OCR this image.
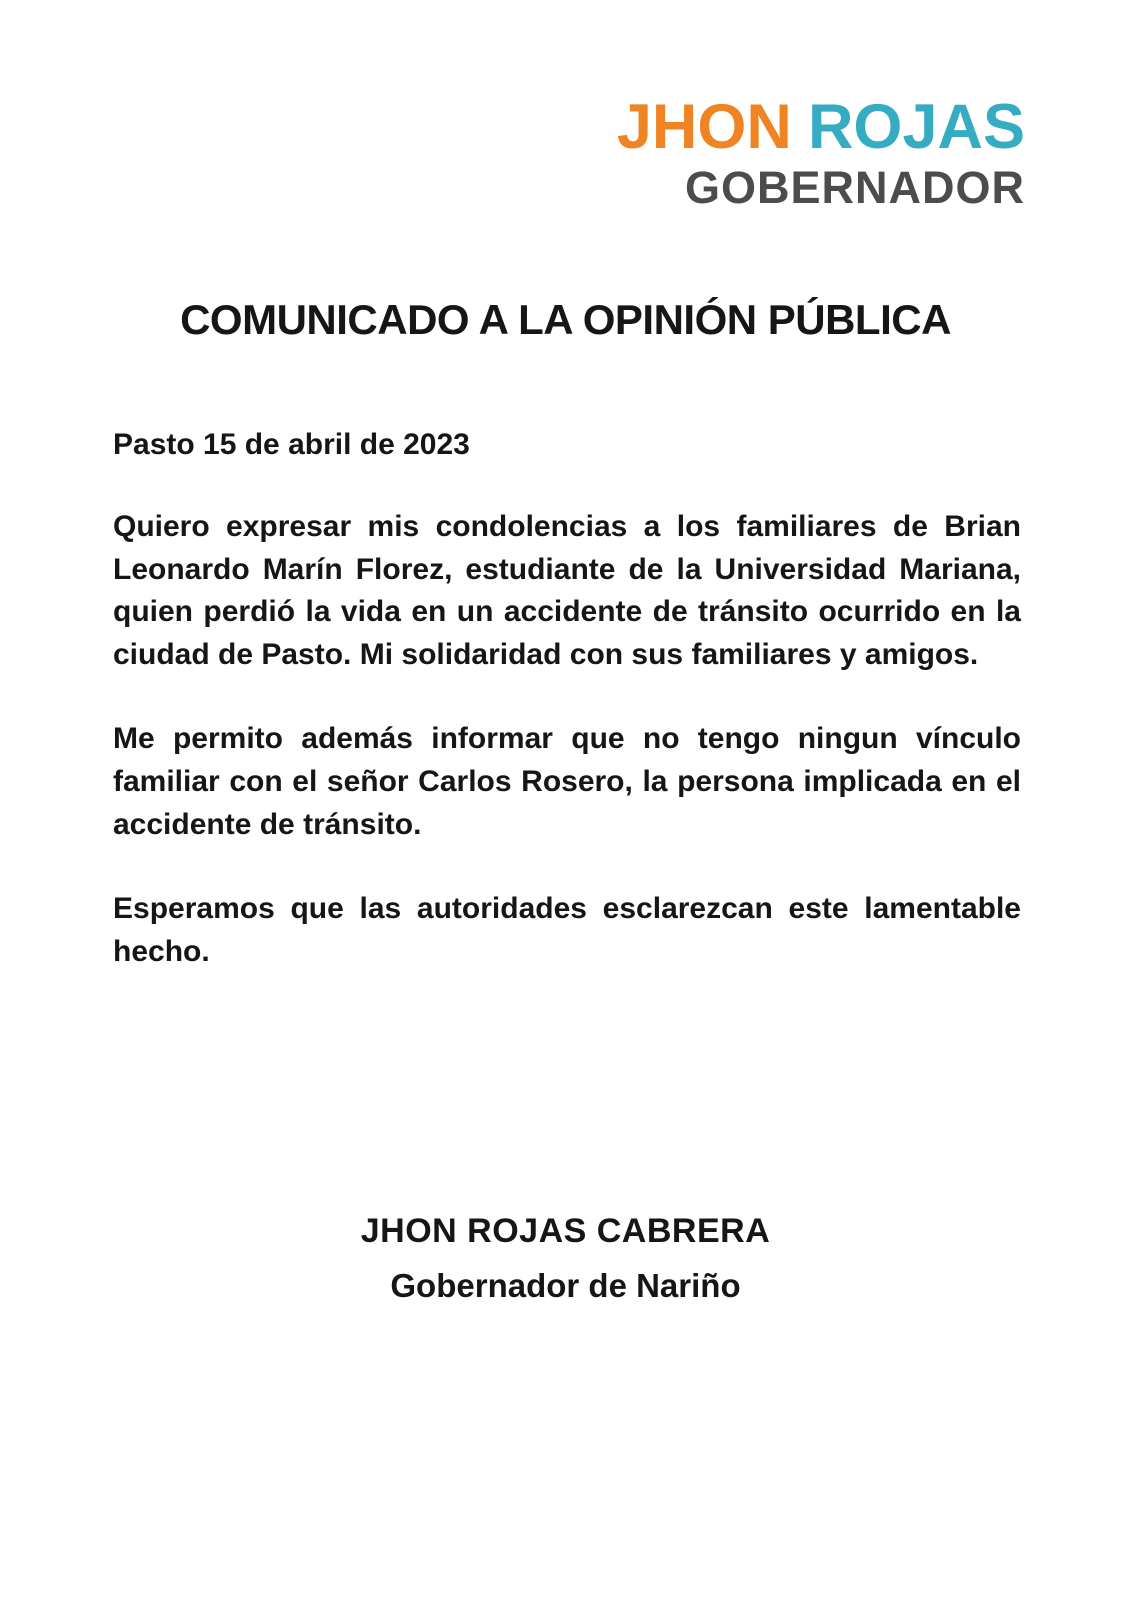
JHON ROJAS
GOBERNADOR
COMUNICADO A LA OPINIÓN PÚBLICA

Pasto 15 de abril de 2023

Quiero expresar mis condolencias a los familiares de Brian Leonardo Marín Florez, estudiante de la Universidad Mariana, quien perdió la vida en un accidente de tránsito ocurrido en la ciudad de Pasto. Mi solidaridad con sus familiares y amigos.

Me permito además informar que no tengo ningun vínculo familiar con el señor Carlos Rosero, la persona implicada en el accidente de tránsito.

Esperamos que las autoridades esclarezcan este lamentable hecho.

JHON ROJAS CABRERA
Gobernador de Nariño
